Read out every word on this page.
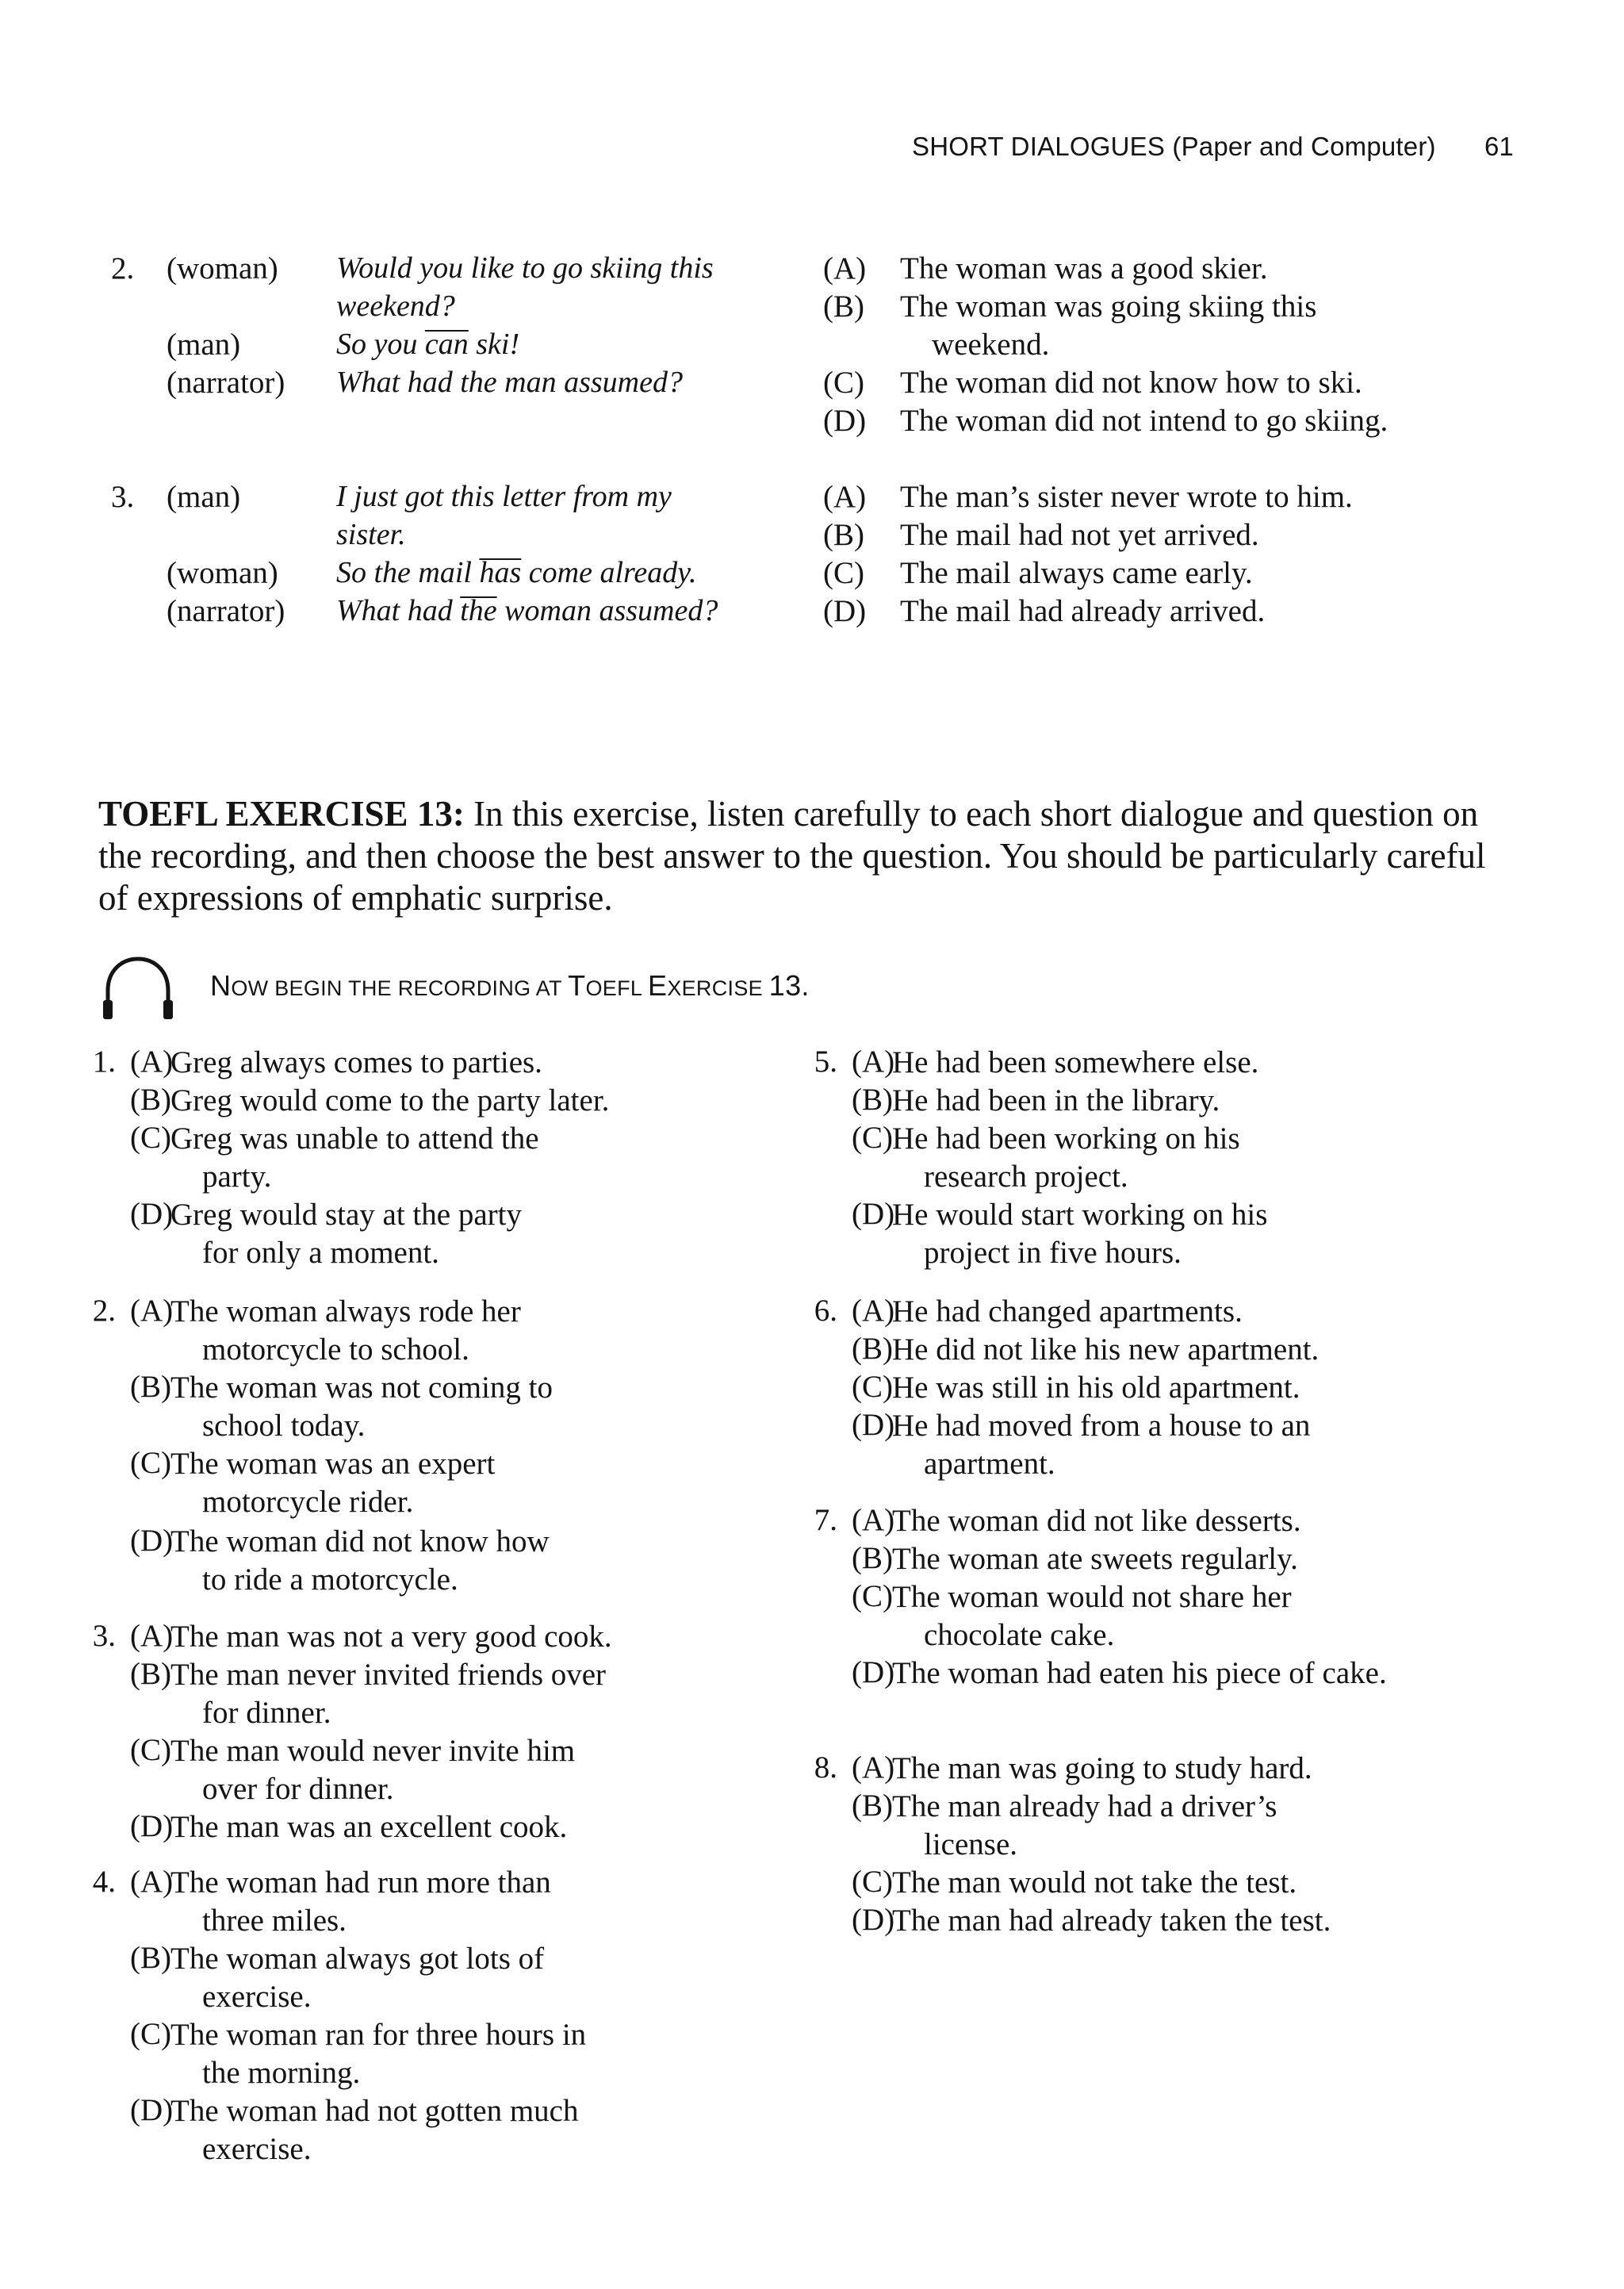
SHORT DIALOGUES (Paper and Computer) 61
2. (woman) Would you like to go skiing this
weekend?
(man)	So you can ski!
(narrator) What had the man assumed?
(A) The woman was a good skier.
(B) The woman was going skiing this
weekend.
(C) The woman did not know how to ski.
(D) The woman did not intend to go skiing.
3. (man)	I just got this letter from my
sister.
(woman) So the mail has come already.
(narrator) What had the woman assumed?
(A) The man’s sister never wrote to him.
(B) The mail had not yet arrived.
(C) The mail always came early.
(D) The mail had already arrived.

TOEFL EXERCISE 13: In this exercise, listen carefully to each short dialogue and question on the recording, and then choose the best answer to the question. You should be particularly careful of expressions of emphatic surprise.

NOW BEGIN THE RECORDING AT TOEFL EXERCISE 13.
1. (A)
Greg always comes to parties.
(B) Greg would come to the party later.
(C) Greg was unable to attend the party.
(D)
Greg would stay at the party for only a moment.
2. (A)
The woman always rode her motorcycle to school.
(B) The woman was not coming to school today.
(C) The woman was an expert motorcycle rider.
(D)
The woman did not know how to ride a motorcycle.
3. (A)
The man was not a very good cook.
(B) The man never invited friends over for dinner.
(C) The man would never invite him over for dinner.
(D)
The man was an excellent cook.
4. (A)
The woman had run more than three miles.
(B) The woman always got lots of exercise.
(C) The woman ran for three hours in the morning.
(D)
The woman had not gotten much exercise.
5. (A)
He had been somewhere else.
(B) He had been in the library.
(C) He had been working on his research project.
(D)
He would start working on his project in five hours.
6. (A)
He had changed apartments.
(B) He did not like his new apartment.
(C) He was still in his old apartment.
(D)
He had moved from a house to an apartment.
7. (A)
The woman did not like desserts.
(B) The woman ate sweets regularly.
(C) The woman would not share her chocolate cake.
(D)
The woman had eaten his piece of cake.
8. (A)
The man was going to study hard.
(B) The man already had a driver’s license.
(C) The man would not take the test.
(D)
The man had already taken the test.
